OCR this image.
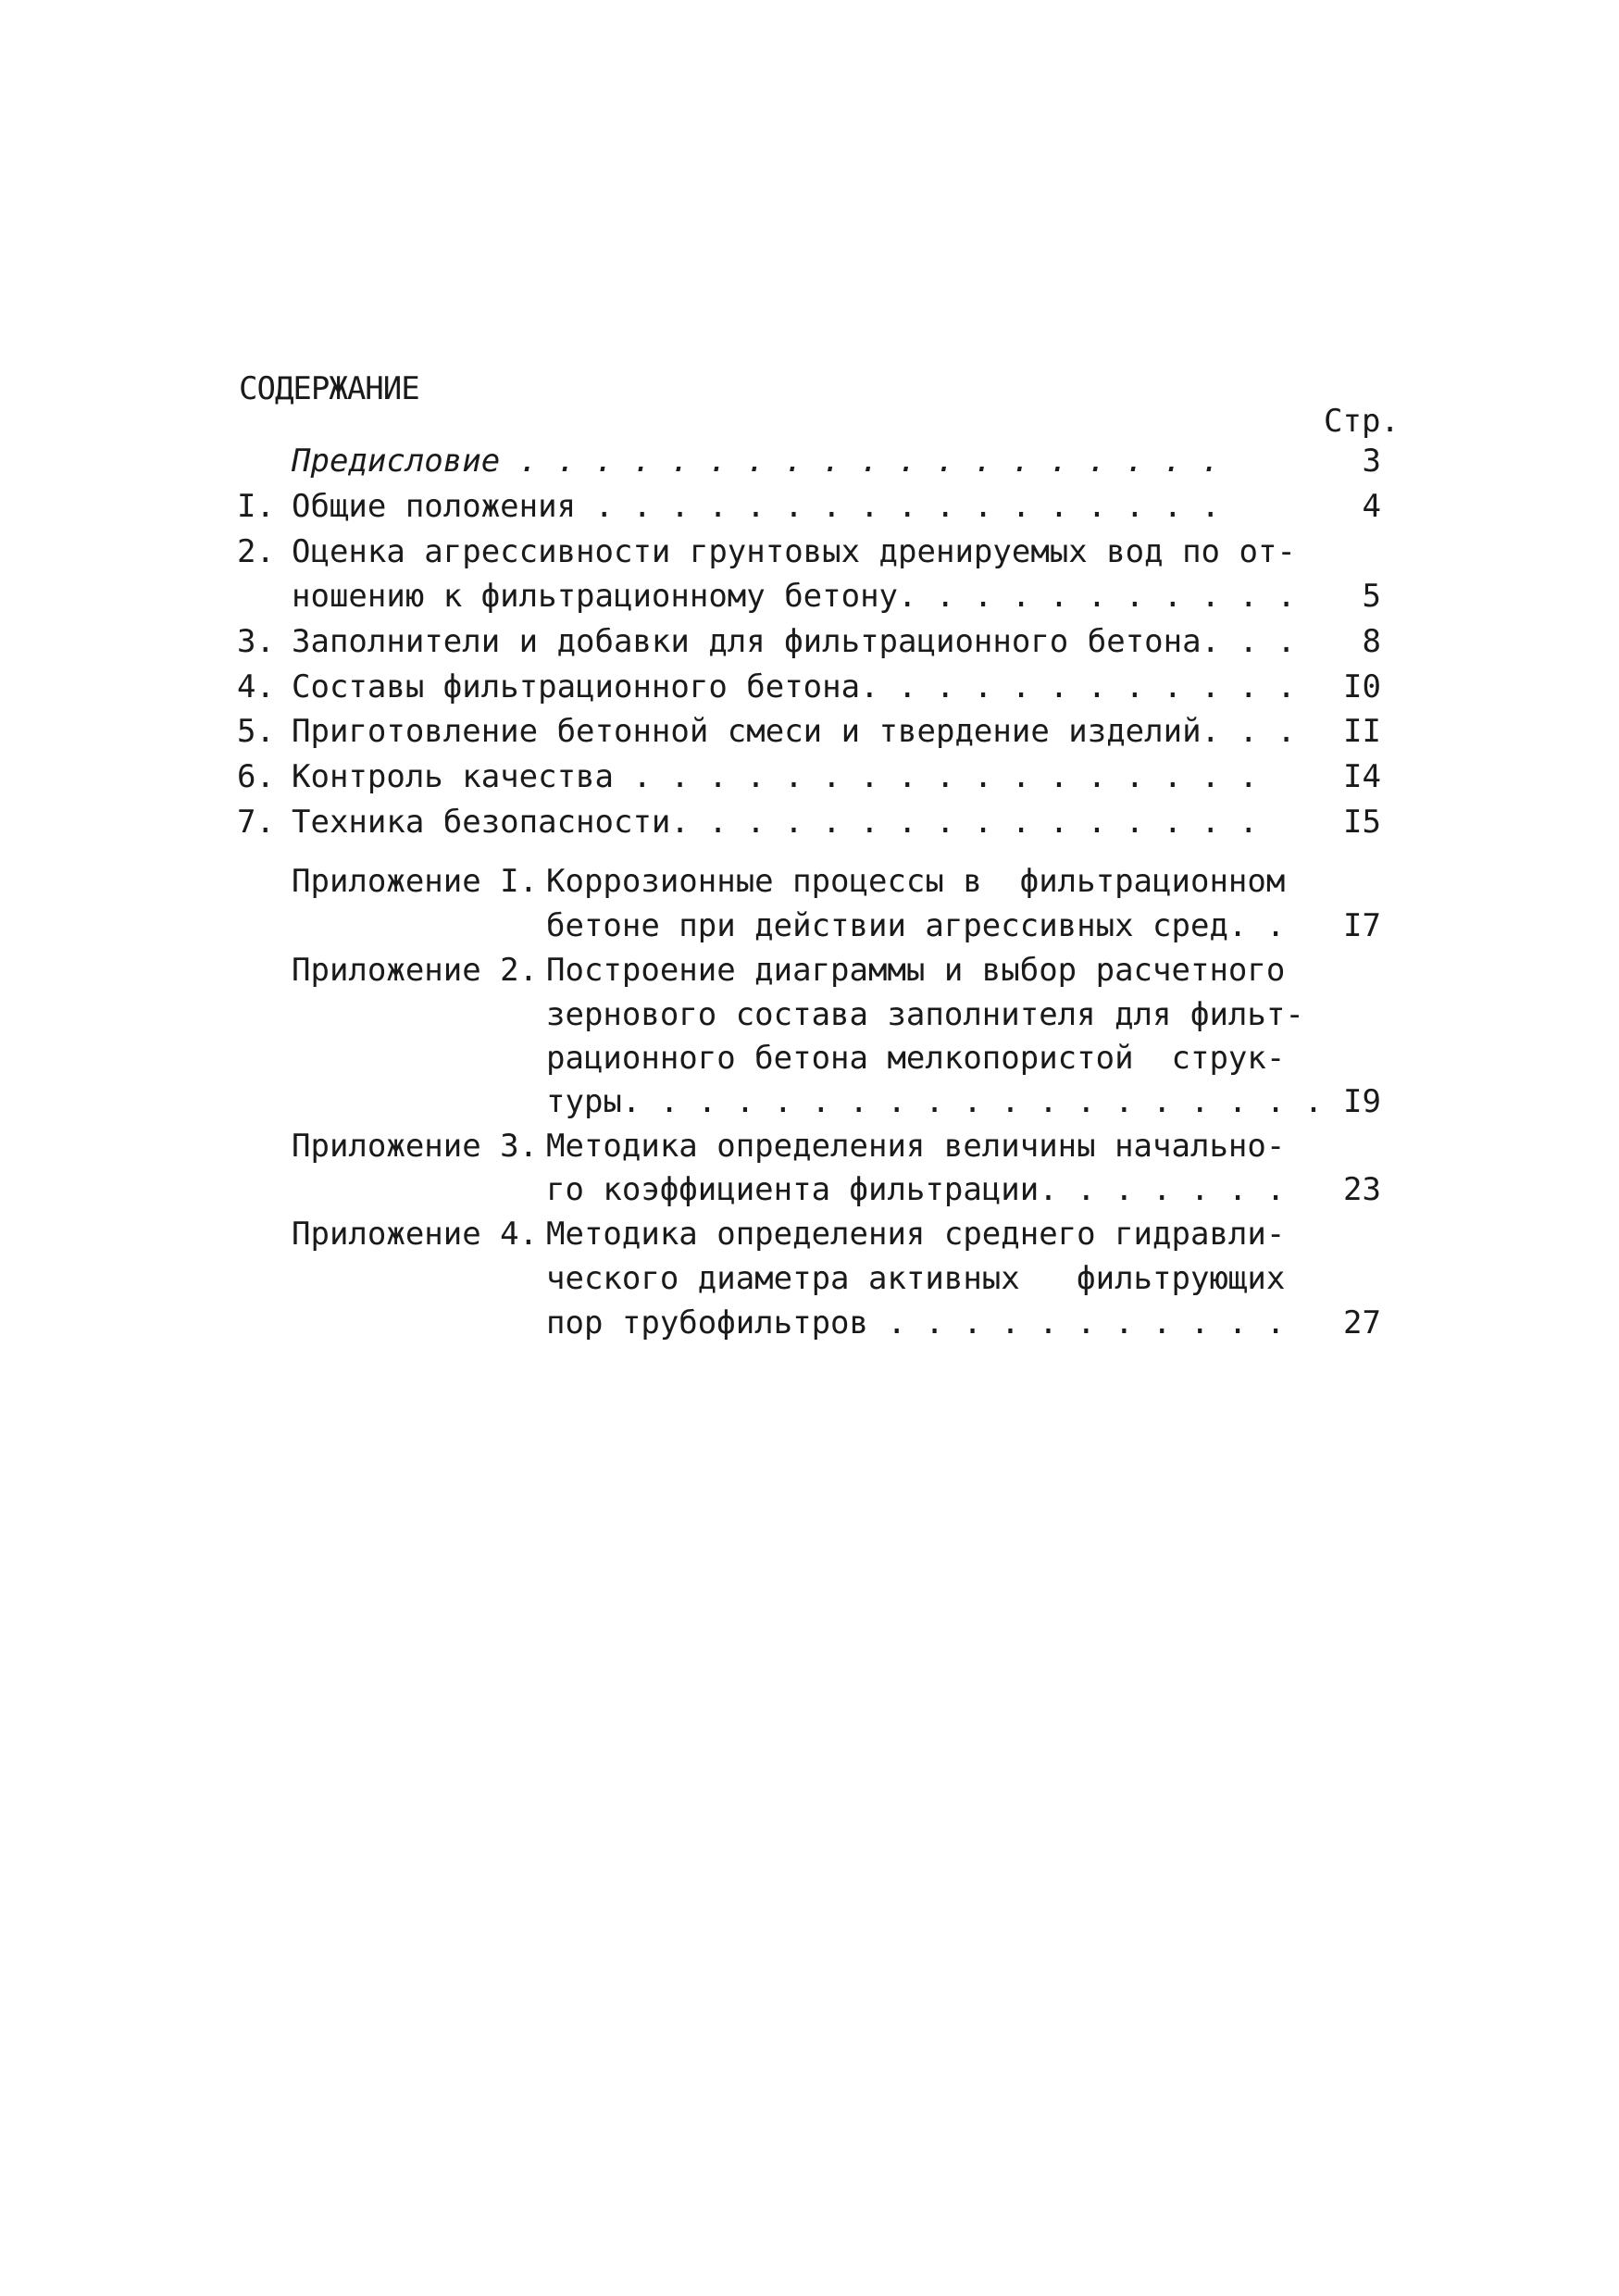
СОДЕРЖАНИЕ
Стр.
Предисловие . . . . . . . . . . . . . . . . . . .	3
I. Общие положения . . . . . . . . . . . . . . . . .	4
2. Оценка агрессивности грунтовых дренируемых вод по от-
ношению к фильтрационному бетону. . . . . . . . . . .	5
3. Заполнители и добавки для фильтрационного бетона. . .	8
4. Составы фильтрационного бетона. . . . . . . . . . . .	I0
5. Приготовление бетонной смеси и твердение изделий. . .	II
6. Контроль качества . . . . . . . . . . . . . . . . .	I4
7. Техника безопасности. . . . . . . . . . . . . . . .	I5
Приложение I. Коррозионные процессы в  фильтрационном
бетоне при действии агрессивных сред. .	I7
Приложение 2. Построение диаграммы и выбор расчетного
зернового состава заполнителя для фильт-
рационного бетона мелкопористой  струк-
туры. . . . . . . . . . . . . . . . . . . I9
Приложение 3. Методика определения величины начально-
го коэффициента фильтрации. . . . . . .	23
Приложение 4. Методика определения среднего гидравли-
ческого диаметра активных   фильтрующих
пор трубофильтров . . . . . . . . . . .	27
